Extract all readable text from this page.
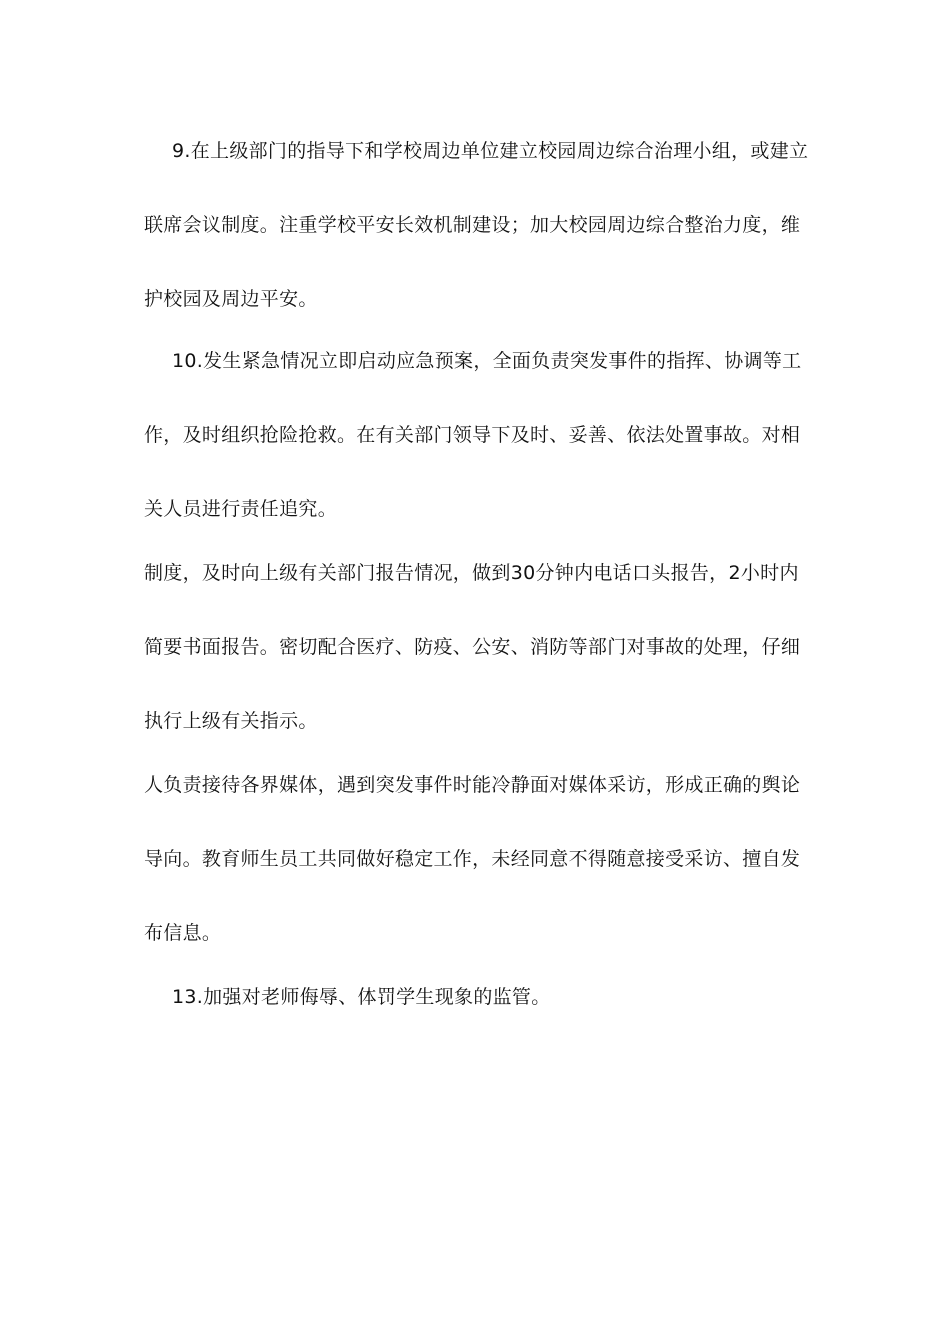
9.在上级部门的指导下和学校周边单位建立校园周边综合治理小组，或建立
联席会议制度。注重学校平安长效机制建设；加大校园周边综合整治力度，维
护校园及周边平安。
10.发生紧急情况立即启动应急预案，全面负责突发事件的指挥、协调等工
作，及时组织抢险抢救。在有关部门领导下及时、妥善、依法处置事故。对相
关人员进行责任追究。
制度，及时向上级有关部门报告情况，做到30分钟内电话口头报告，2小时内
简要书面报告。密切配合医疗、防疫、公安、消防等部门对事故的处理，仔细
执行上级有关指示。
人负责接待各界媒体，遇到突发事件时能冷静面对媒体采访，形成正确的舆论
导向。教育师生员工共同做好稳定工作，未经同意不得随意接受采访、擅自发
布信息。
13.加强对老师侮辱、体罚学生现象的监管。
